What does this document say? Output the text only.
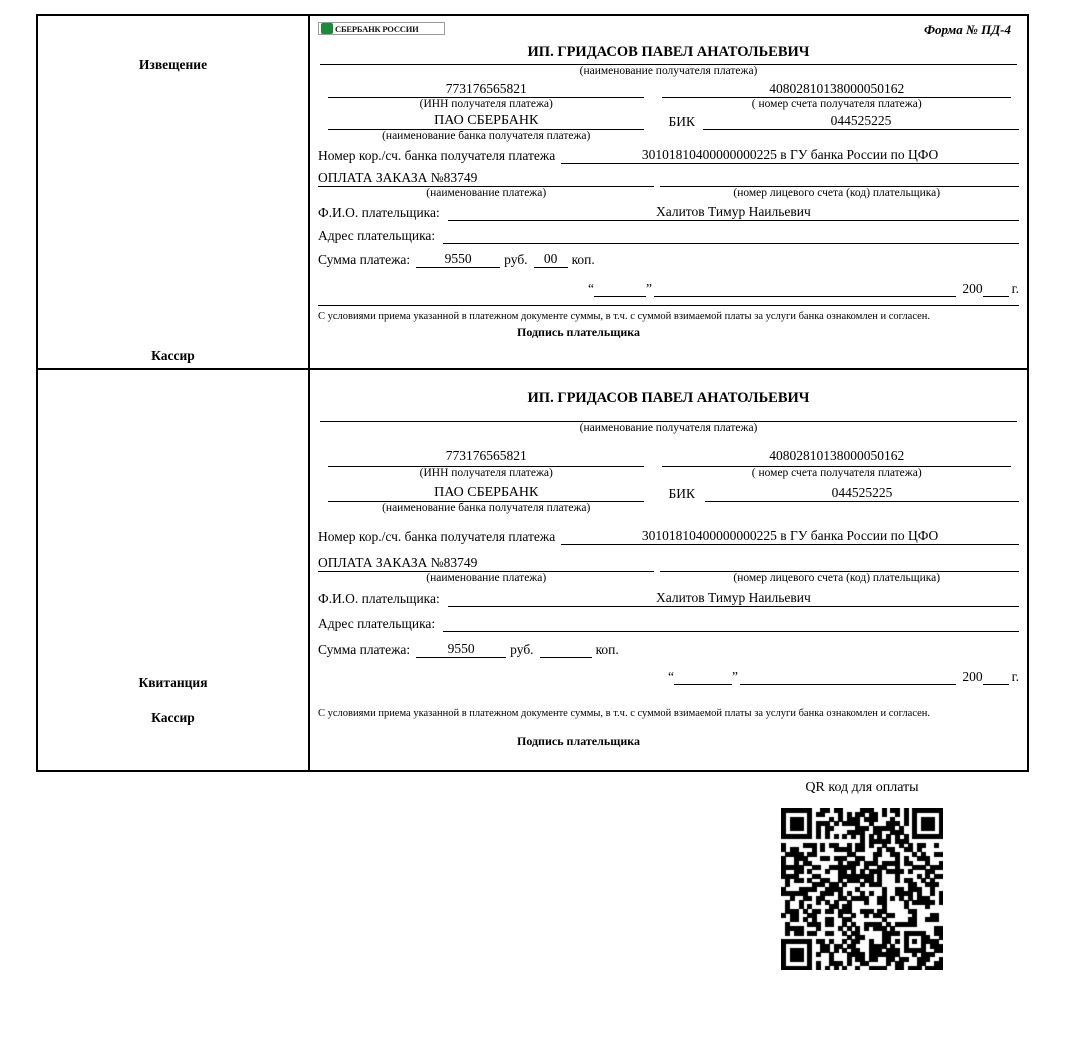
Извещение
Кассир
СБЕРБАНК РОССИИ	Форма № ПД-4
ИП. ГРИДАСОВ ПАВЕЛ АНАТОЛЬЕВИЧ
(наименование получателя платежа)
773176565821
(ИНН получателя платежа)
40802810138000050162
( номер счета получателя платежа)
ПАО СБЕРБАНК
(наименование банка получателя платежа)
БИК	044525225
Номер кор./сч. банка получателя платежа	30101810400000000225 в ГУ банка России по ЦФО
ОПЛАТА ЗАКАЗА №83749
(наименование платежа)
	(номер лицевого счета (код) плательщика)
Ф.И.О. плательщика:	Халитов Тимур Наильевич
Адрес плательщика:
Сумма платежа:	9550	руб.	00	коп.
“
	”
	200
г.
С условиями приема указанной в платежном документе суммы, в т.ч. с суммой взимаемой платы за услуги банка ознакомлен и согласен.
Подпись плательщика
Квитанция
Кассир
ИП. ГРИДАСОВ ПАВЕЛ АНАТОЛЬЕВИЧ
(наименование получателя платежа)
773176565821
(ИНН получателя платежа)
40802810138000050162
( номер счета получателя платежа)
ПАО СБЕРБАНК
(наименование банка получателя платежа)
БИК	044525225
Номер кор./сч. банка получателя платежа	30101810400000000225 в ГУ банка России по ЦФО
ОПЛАТА ЗАКАЗА №83749
(наименование платежа)
	(номер лицевого счета (код) плательщика)
Ф.И.О. плательщика:	Халитов Тимур Наильевич
Адрес плательщика:
Сумма платежа:	9550	руб.	коп.
“
	”
	200
г.
С условиями приема указанной в платежном документе суммы, в т.ч. с суммой взимаемой платы за услуги банка ознакомлен и согласен.
Подпись плательщика
QR код для оплаты
